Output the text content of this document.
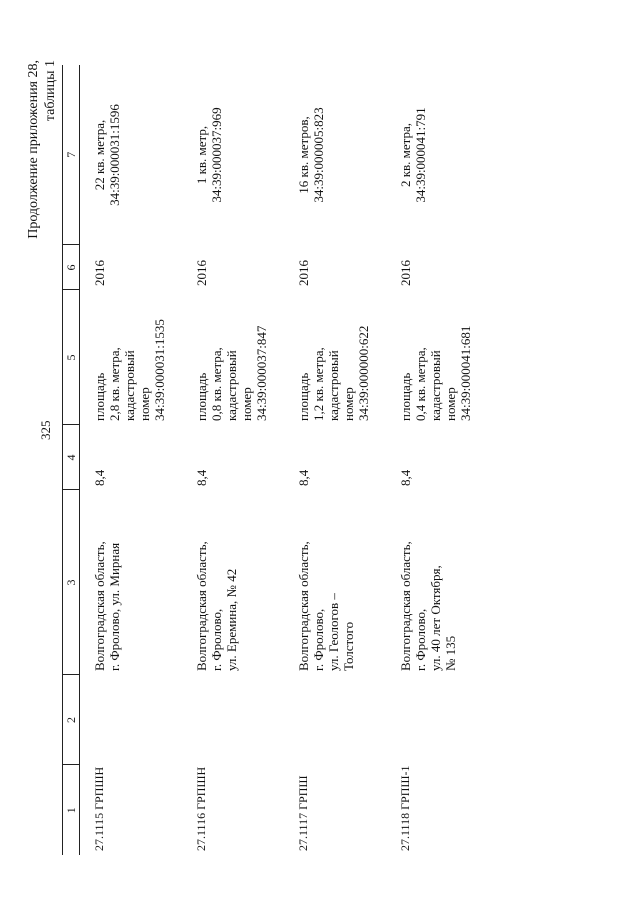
325
Продолжение приложения 28, таблицы 1
1	2	3	4	5	6	7
27.1115 ГРПШН		Волгоградская область, г. Фролово, ул. Мирная	8,4	площадь 2,8 кв. метра, кадастровый номер 34:39:000031:1535	2016	22 кв. метра, 34:39:000031:1596

27.1116 ГРПШН		Волгоградская область, г. Фролово, ул. Еремина, № 42	8,4	площадь 0,8 кв. метра, кадастровый номер 34:39:000037:847	2016	1 кв. метр, 34:39:000037:969

27.1117 ГРПШ		Волгоградская область, г. Фролово, ул. Геологов – Толстого	8,4	площадь 1,2 кв. метра, кадастровый номер 34:39:000000:622	2016	16 кв. метров, 34:39:000005:823

27.1118 ГРПШ-1		Волгоградская область, г. Фролово, ул. 40 лет Октября, № 135	8,4	площадь 0,4 кв. метра, кадастровый номер 34:39:000041:681	2016	2 кв. метра, 34:39:000041:791
